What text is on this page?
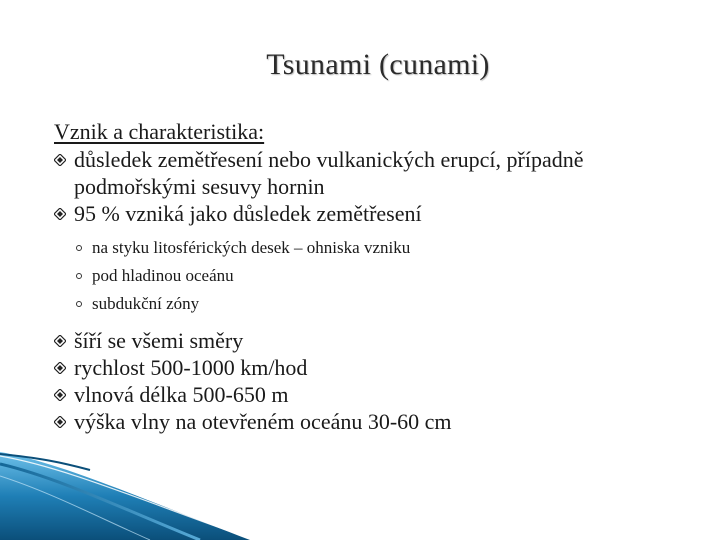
Tsunami (cunami)
Vznik a charakteristika:
důsledek zemětřesení nebo vulkanických erupcí, případně podmořskými sesuvy hornin
95 % vzniká jako důsledek zemětřesení
na styku litosférických desek – ohniska vzniku
pod hladinou oceánu
subdukční zóny
šíří se všemi směry
rychlost 500-1000 km/hod
vlnová délka 500-650 m
výška vlny na otevřeném oceánu 30-60 cm
